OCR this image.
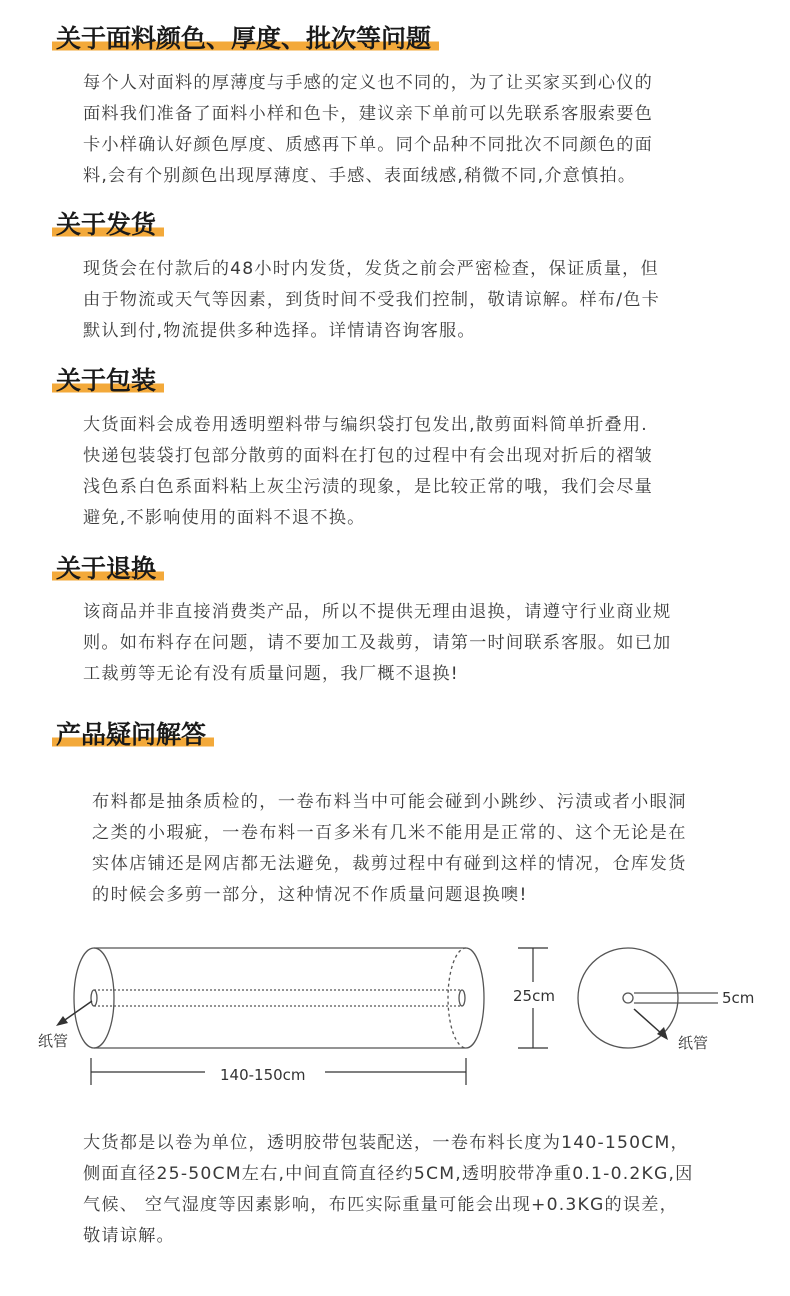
关于面料颜色、厚度、批次等问题
每个人对面料的厚薄度与手感的定义也不同的，为了让买家买到心仪的
面料我们准备了面料小样和色卡，建议亲下单前可以先联系客服索要色
卡小样确认好颜色厚度、质感再下单。同个品种不同批次不同颜色的面
料,会有个别颜色出现厚薄度、手感、表面绒感,稍微不同,介意慎拍。
关于发货
现货会在付款后的48小时内发货，发货之前会严密检查，保证质量，但
由于物流或天气等因素，到货时间不受我们控制，敬请谅解。样布/色卡
默认到付,物流提供多种选择。详情请咨询客服。
关于包装
大货面料会成卷用透明塑料带与编织袋打包发出,散剪面料简单折叠用.
快递包装袋打包部分散剪的面料在打包的过程中有会出现对折后的褶皱
浅色系白色系面料粘上灰尘污渍的现象，是比较正常的哦，我们会尽量
避免,不影响使用的面料不退不换。
关于退换
该商品并非直接消费类产品，所以不提供无理由退换，请遵守行业商业规
则。如布料存在问题，请不要加工及裁剪，请第一时间联系客服。如已加
工裁剪等无论有没有质量问题，我厂概不退换!
产品疑问解答
布料都是抽条质检的，一卷布料当中可能会碰到小跳纱、污渍或者小眼洞
之类的小瑕疵，一卷布料一百多米有几米不能用是正常的、这个无论是在
实体店铺还是网店都无法避免，裁剪过程中有碰到这样的情况，仓库发货
的时候会多剪一部分，这种情况不作质量问题退换噢!
纸管
140-150cm
25cm	5cm
纸管
大货都是以卷为单位，透明胶带包装配送，一卷布料长度为140-150CM，
侧面直径25-50CM左右,中间直筒直径约5CM,透明胶带净重0.1-0.2KG,因
气候、 空气湿度等因素影响，布匹实际重量可能会出现+0.3KG的误差，
敬请谅解。
